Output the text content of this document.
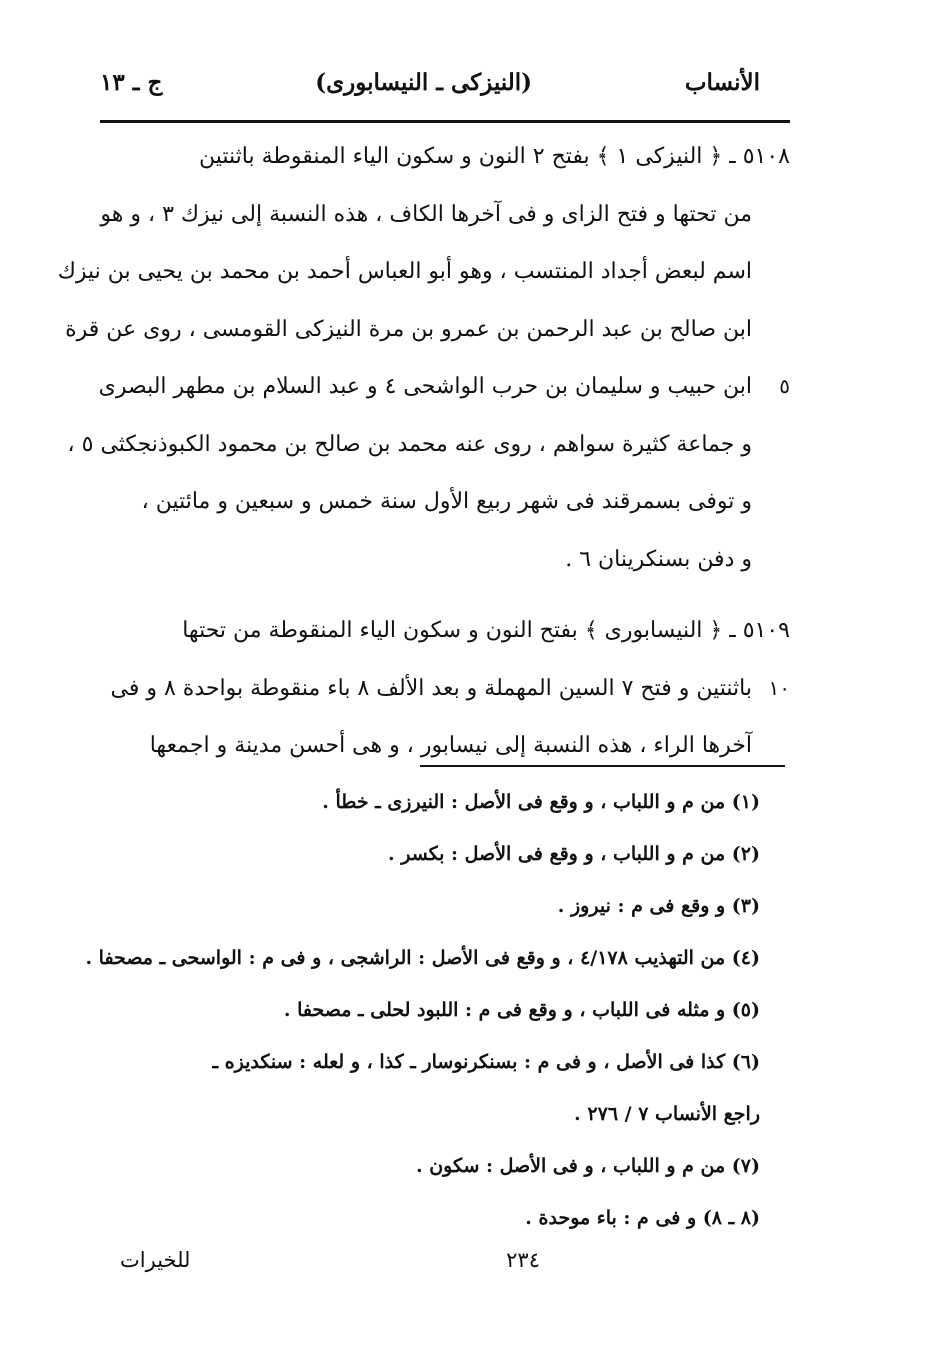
الأنساب
(النيزكى ـ النيسابورى)
ج ـ ١٣
٥١٠٨ ـ ﴿ النيزكى ١ ﴾ بفتح ٢ النون و سكون الياء المنقوطة باثنتين
من تحتها و فتح الزاى و فى آخرها الكاف ، هذه النسبة إلى نيزك ٣ ، و هو
اسم لبعض أجداد المنتسب ، وهو أبو العباس أحمد بن محمد بن يحيى بن نيزك
ابن صالح بن عبد الرحمن بن عمرو بن مرة النيزكى القومسى ، روى عن قرة
٥
ابن حبيب و سليمان بن حرب الواشحى ٤ و عبد السلام بن مطهر البصرى
و جماعة كثيرة سواهم ، روى عنه محمد بن صالح بن محمود الكبوذنجكثى ٥ ،
و توفى بسمرقند فى شهر ربيع الأول سنة خمس و سبعين و مائتين ،
و دفن بسنكرينان ٦ .
٥١٠٩ ـ ﴿ النيسابورى ﴾ بفتح النون و سكون الياء المنقوطة من تحتها
١٠
باثنتين و فتح ٧ السين المهملة و بعد الألف ٨ باء منقوطة بواحدة ٨ و فى
آخرها الراء ، هذه النسبة إلى نيسابور ، و هى أحسن مدينة و اجمعها
(١) من م و اللباب ، و وقع فى الأصل : النيرزى ـ خطأ .
(٢) من م و اللباب ، و وقع فى الأصل : بكسر .
(٣) و وقع فى م : نيروز .
(٤) من التهذيب ٤/١٧٨ ، و وقع فى الأصل : الراشجى ، و فى م : الواسحى ـ مصحفا .
(٥) و مثله فى اللباب ، و وقع فى م : اللبود لحلى ـ مصحفا .
(٦) كذا فى الأصل ، و فى م : بسنكرنوسار ـ كذا ، و لعله : سنكديزه ـ
راجع الأنساب ٧ / ٢٧٦ .
(٧) من م و اللباب ، و فى الأصل : سكون .
(٨ ـ ٨) و فى م : باء موحدة .
٢٣٤
للخيرات
